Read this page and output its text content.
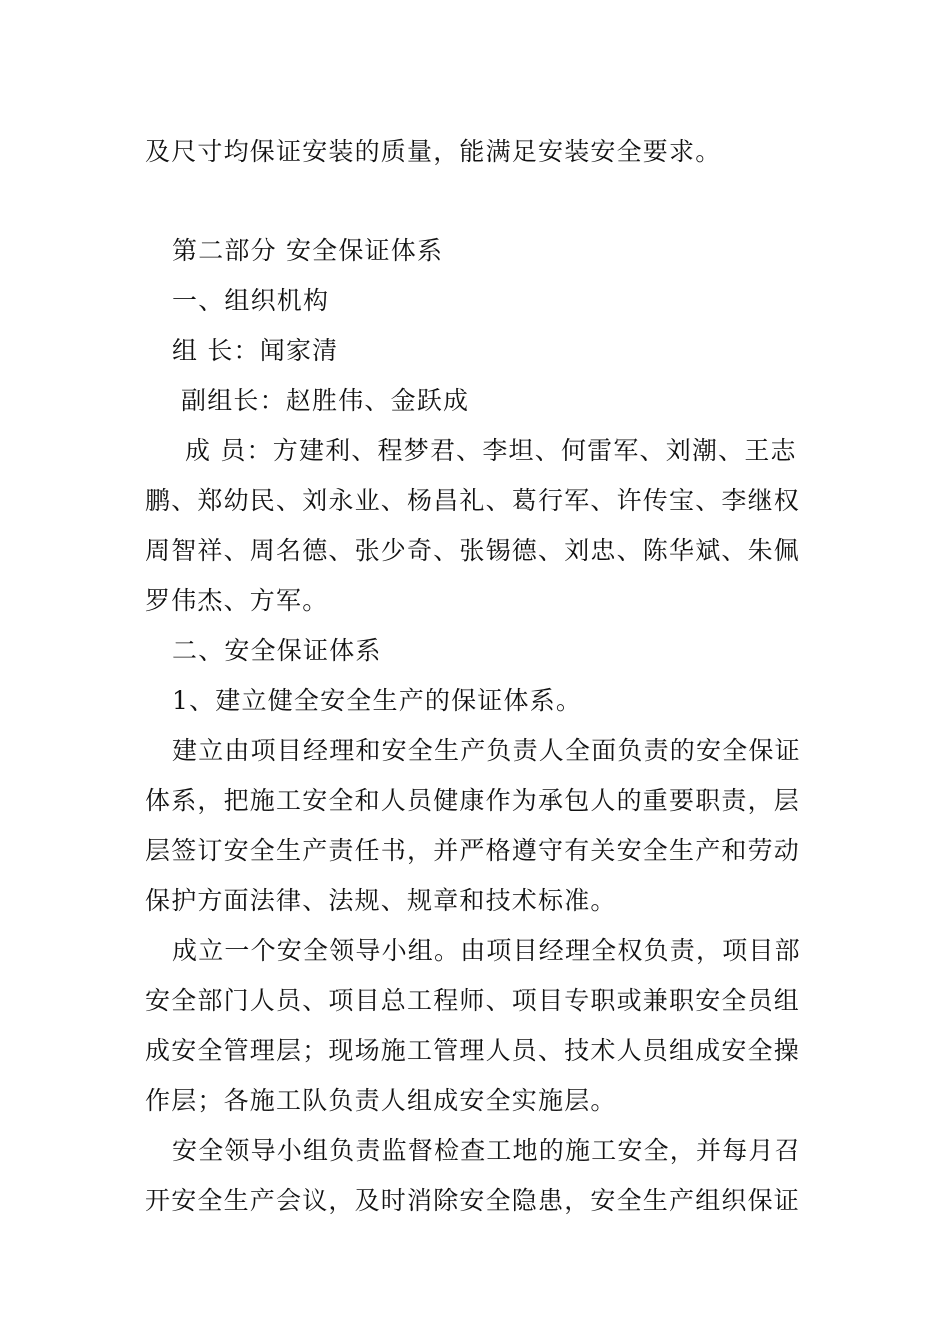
及尺寸均保证安装的质量，能满足安装安全要求。
第二部分 安全保证体系
一、组织机构
组 长：闻家清
副组长：赵胜伟、金跃成
成 员：方建利、程梦君、李坦、何雷军、刘潮、王志
鹏、郑幼民、刘永业、杨昌礼、葛行军、许传宝、李继权
周智祥、周名德、张少奇、张锡德、刘忠、陈华斌、朱佩
罗伟杰、方军。
二、安全保证体系
1、建立健全安全生产的保证体系。
建立由项目经理和安全生产负责人全面负责的安全保证
体系，把施工安全和人员健康作为承包人的重要职责，层
层签订安全生产责任书，并严格遵守有关安全生产和劳动
保护方面法律、法规、规章和技术标准。
成立一个安全领导小组。由项目经理全权负责，项目部
安全部门人员、项目总工程师、项目专职或兼职安全员组
成安全管理层；现场施工管理人员、技术人员组成安全操
作层；各施工队负责人组成安全实施层。
安全领导小组负责监督检查工地的施工安全，并每月召
开安全生产会议，及时消除安全隐患，安全生产组织保证
